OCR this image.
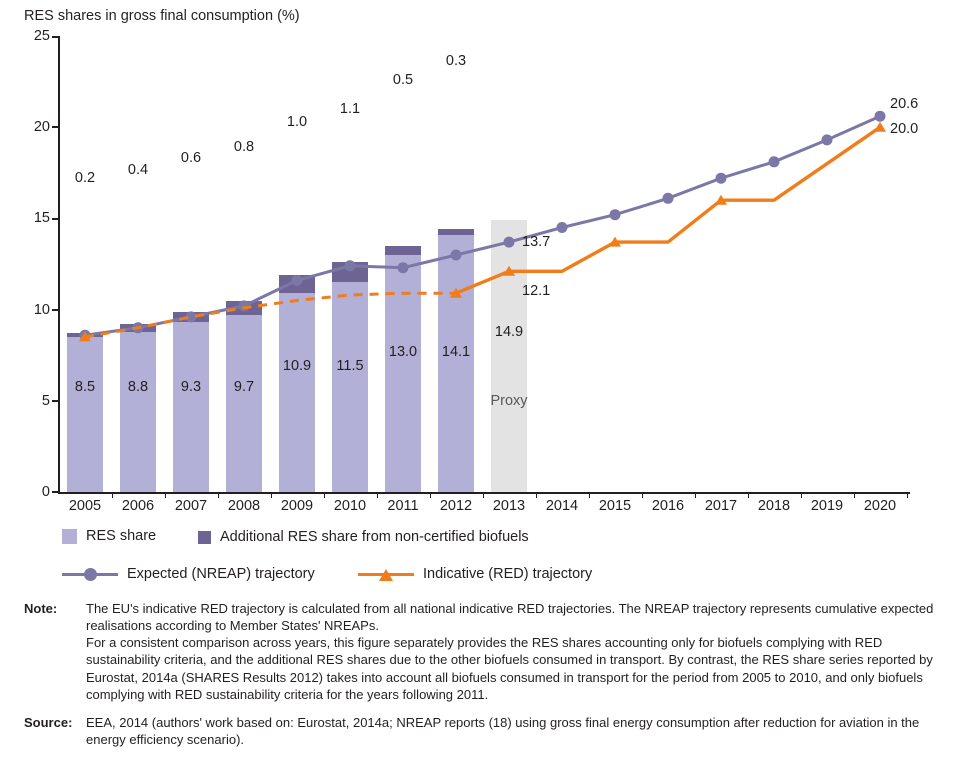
RES shares in gross final consumption (%)
0
5
10
15
20
25
0.2 0.4
0.6
0.8
1.0
1.1
0.5
0.3
8.5 8.8 9.3 9.7
10.9 11.5
13.0 14.1
14.9
Proxy
13.7
12.1
20.6
20.0
2005 2006 2007 2008 2009 2010 2011 2012 2013 2014 2015 2016 2017 2018 2019 2020
RES share	Additional RES share from non-certified biofuels
Expected (NREAP) trajectory	Indicative (RED) trajectory
Note:	The EU's indicative RED trajectory is calculated from all national indicative RED trajectories. The NREAP trajectory represents cumulative expected realisations according to Member States' NREAPs.

For a consistent comparison across years, this figure separately provides the RES shares accounting only for biofuels complying with RED sustainability criteria, and the additional RES shares due to the other biofuels consumed in transport. By contrast, the RES share series reported by Eurostat, 2014a (SHARES Results 2012) takes into account all biofuels consumed in transport for the period from 2005 to 2010, and only biofuels complying with RED sustainability criteria for the years following 2011.

Source:	EEA, 2014 (authors' work based on: Eurostat, 2014a; NREAP reports (18) using gross final energy consumption after reduction for aviation in the energy efficiency scenario).
